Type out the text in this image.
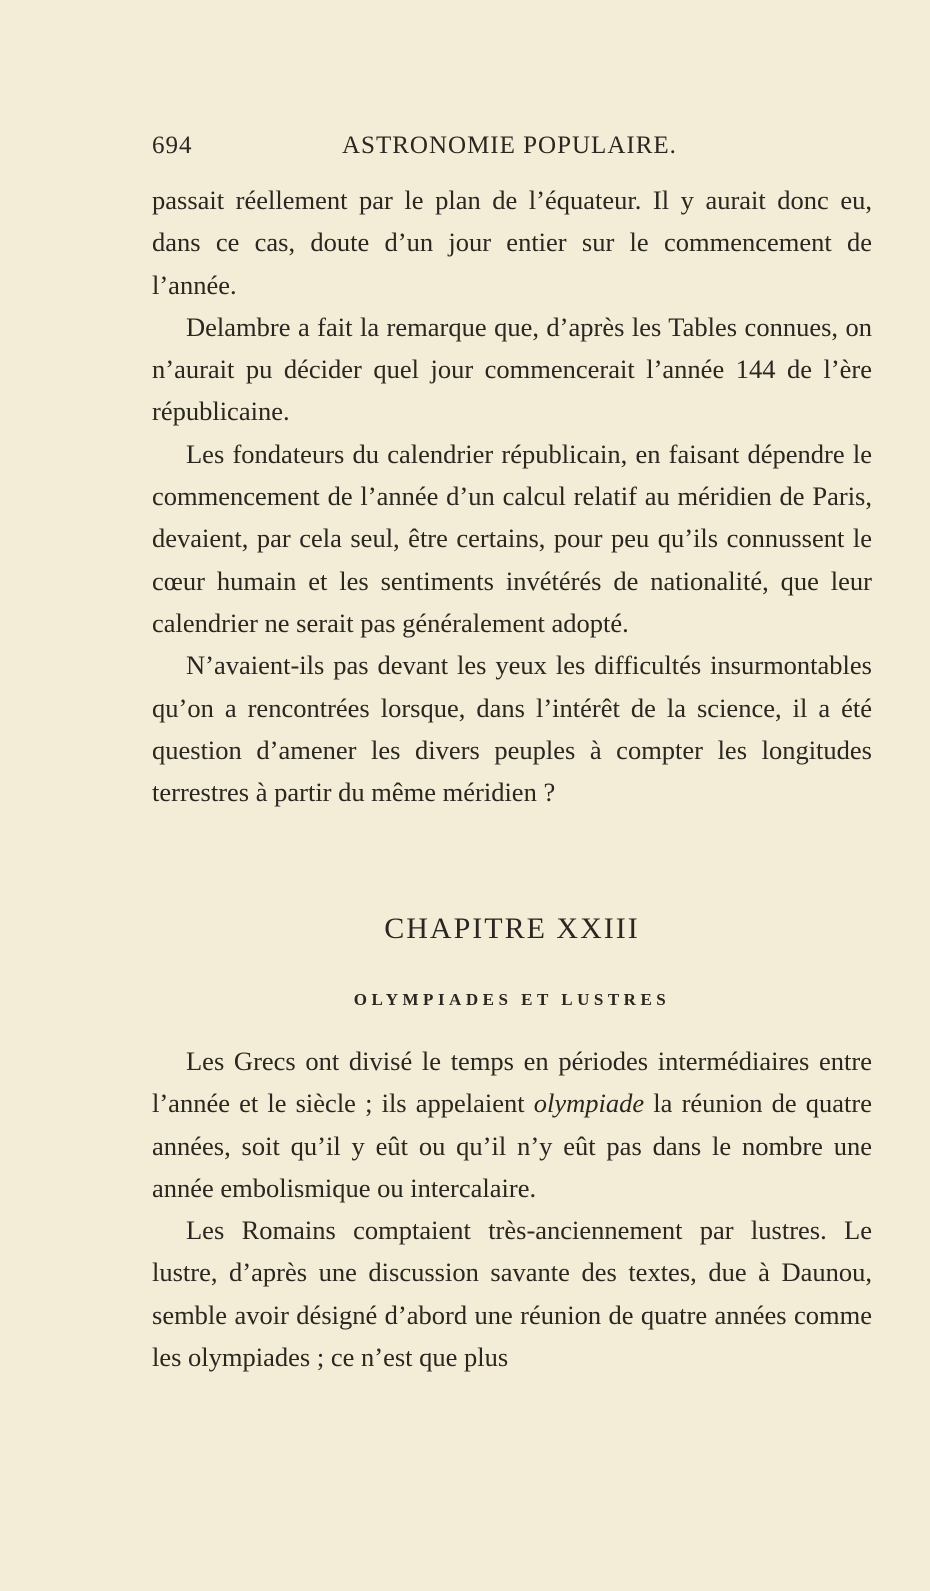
694	ASTRONOMIE POPULAIRE.

passait réellement par le plan de l’équateur. Il y aurait donc eu, dans ce cas, doute d’un jour entier sur le commencement de l’année.

Delambre a fait la remarque que, d’après les Tables connues, on n’aurait pu décider quel jour commencerait l’année 144 de l’ère républicaine.

Les fondateurs du calendrier républicain, en faisant dépendre le commencement de l’année d’un calcul relatif au méridien de Paris, devaient, par cela seul, être certains, pour peu qu’ils connussent le cœur humain et les sentiments invétérés de nationalité, que leur calendrier ne serait pas généralement adopté.

N’avaient-ils pas devant les yeux les difficultés insurmontables qu’on a rencontrées lorsque, dans l’intérêt de la science, il a été question d’amener les divers peuples à compter les longitudes terrestres à partir du même méridien ?

CHAPITRE XXIII
OLYMPIADES ET LUSTRES

Les Grecs ont divisé le temps en périodes intermédiaires entre l’année et le siècle ; ils appelaient olympiade la réunion de quatre années, soit qu’il y eût ou qu’il n’y eût pas dans le nombre une année embolismique ou intercalaire.

Les Romains comptaient très-anciennement par lustres. Le lustre, d’après une discussion savante des textes, due à Daunou, semble avoir désigné d’abord une réunion de quatre années comme les olympiades ; ce n’est que plus
